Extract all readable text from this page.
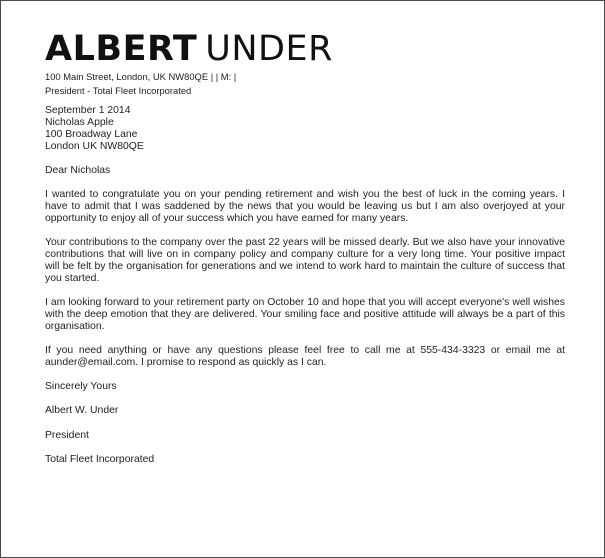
ALBERT UNDER
100 Main Street, London, UK NW80QE | | M: |
President - Total Fleet Incorporated
September 1 2014
Nicholas Apple
100 Broadway Lane
London UK NW80QE

Dear Nicholas

I wanted to congratulate you on your pending retirement and wish you the best of luck in the coming years. I have to admit that I was saddened by the news that you would be leaving us but I am also overjoyed at your opportunity to enjoy all of your success which you have earned for many years.

Your contributions to the company over the past 22 years will be missed dearly. But we also have your innovative contributions that will live on in company policy and company culture for a very long time. Your positive impact will be felt by the organisation for generations and we intend to work hard to maintain the culture of success that you started.

I am looking forward to your retirement party on October 10 and hope that you will accept everyone's well wishes with the deep emotion that they are delivered. Your smiling face and positive attitude will always be a part of this organisation.

If you need anything or have any questions please feel free to call me at 555-434-3323 or email me at aunder@email.com. I promise to respond as quickly as I can.

Sincerely Yours

Albert W. Under

President

Total Fleet Incorporated
